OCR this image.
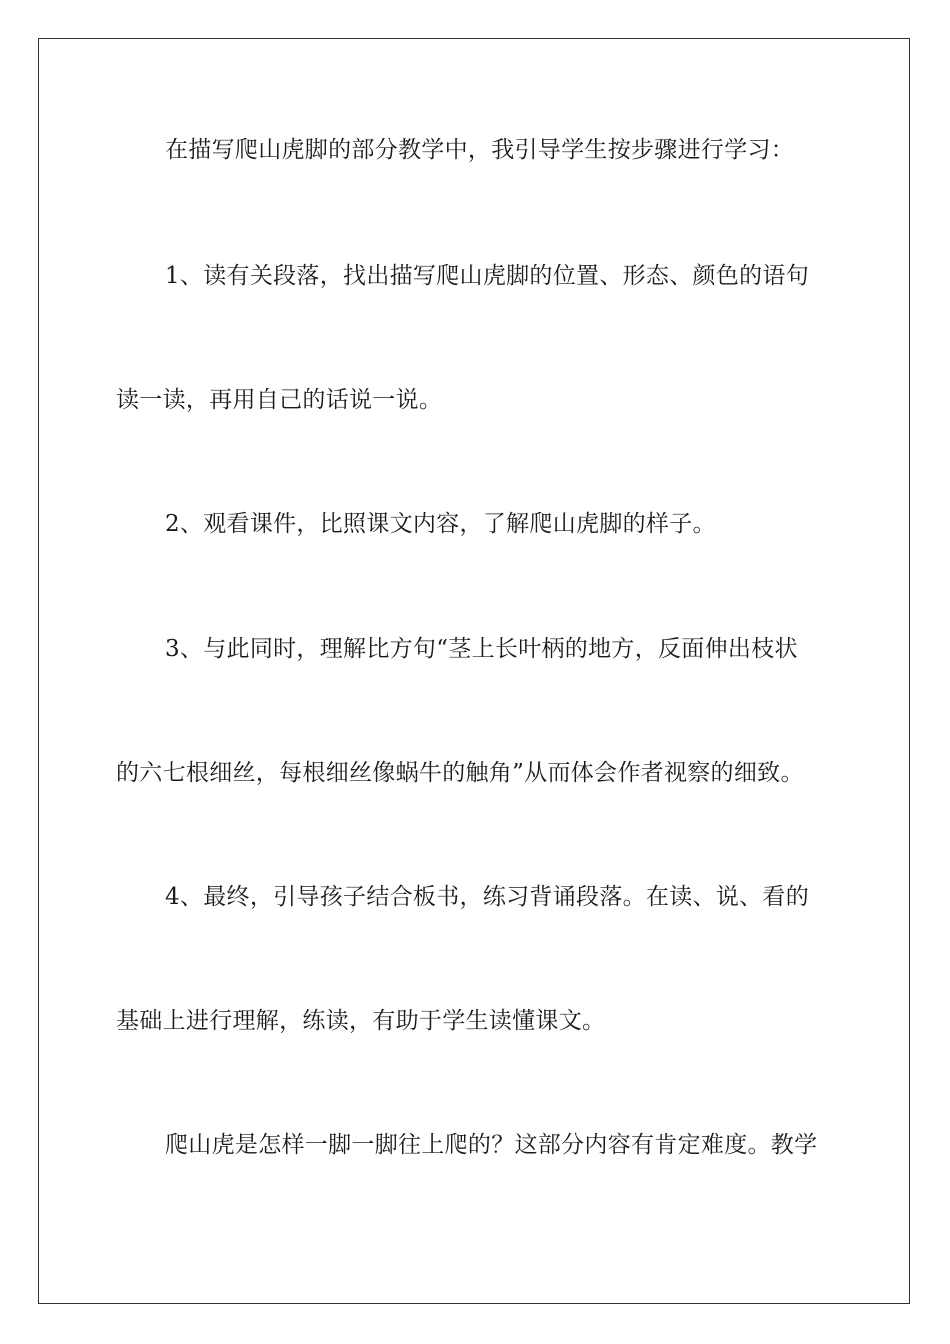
在描写爬山虎脚的部分教学中，我引导学生按步骤进行学习：

1、读有关段落，找出描写爬山虎脚的位置、形态、颜色的语句

读一读，再用自己的话说一说。

2、观看课件，比照课文内容，了解爬山虎脚的样子。

3、与此同时，理解比方句“茎上长叶柄的地方，反面伸出枝状

的六七根细丝，每根细丝像蜗牛的触角”从而体会作者视察的细致。

4、最终，引导孩子结合板书，练习背诵段落。在读、说、看的

基础上进行理解，练读，有助于学生读懂课文。

爬山虎是怎样一脚一脚往上爬的？这部分内容有肯定难度。教学
